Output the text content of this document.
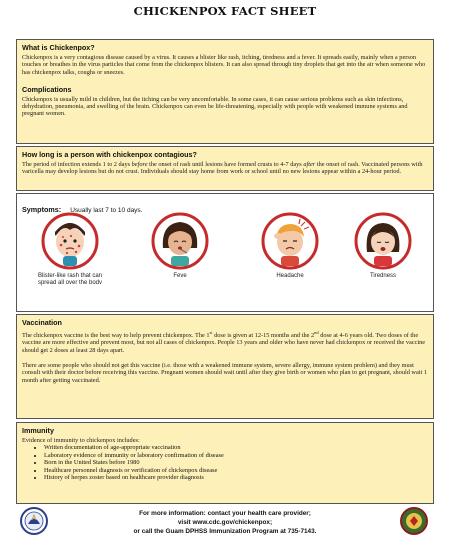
CHICKENPOX FACT SHEET
What is Chickenpox?
Chickenpox is a very contagious disease caused by a virus. It causes a blister like rash, itching, tiredness and a fever. It spreads easily, mainly when a person touches or breathes in the virus particles that come from the chickenpox blisters. It can also spread through tiny droplets that get into the air when someone who has chickenpox talks, coughs or sneezes.
Complications
Chickenpox is usually mild in children, but the itching can be very uncomfortable. In some cases, it can cause serious problems such as skin infections, dehydration, pneumonia, and swelling of the brain. Chickenpox can even be life-threatening, especially with people with weakened immune systems and pregnant women.
How long is a person with chickenpox contagious?
The period of infection extends 1 to 2 days before the onset of rash until lesions have formed crusts to 4-7 days after the onset of rash. Vaccinated persons with varicella may develop lesions but do not crust. Individuals should stay home from work or school until no new lesions appear within a 24-hour period.
Symptoms: Usually last 7 to 10 days.
Blister-like rash that can spread all over the bodv
Feve	Headache	Tiredness
Vaccination
The chickenpox vaccine is the best way to help prevent chickenpox. The 1st dose is given at 12-15 months and the 2nd dose at 4-6 years old. Two doses of the vaccine are more effective and prevent most, but not all cases of chickenpox. People 13 years and older who have never had chickenpox or received the vaccine should get 2 doses at least 28 days apart.
There are some people who should not get this vaccine (i.e. those with a weakened immune system, severe allergy, immune system problem) and they must consult with their doctor before receiving this vaccine. Pregnant women should wait until after they give birth or women who plan to get pregnant, should wait 1 month after getting vaccinated.
Immunity
Evidence of immunity to chickenpox includes:
• Written documentation of age-appropriate vaccination
• Laboratory evidence of immunity or laboratory confirmation of disease
• Born in the United States before 1980
• Healthcare personnel diagnosis or verification of chickenpox disease
• History of herpes zoster based on healthcare provider diagnosis
For more information: contact your health care provider;
visit www.cdc.gov/chickenpox;
or call the Guam DPHSS Immunization Program at 735-7143.
